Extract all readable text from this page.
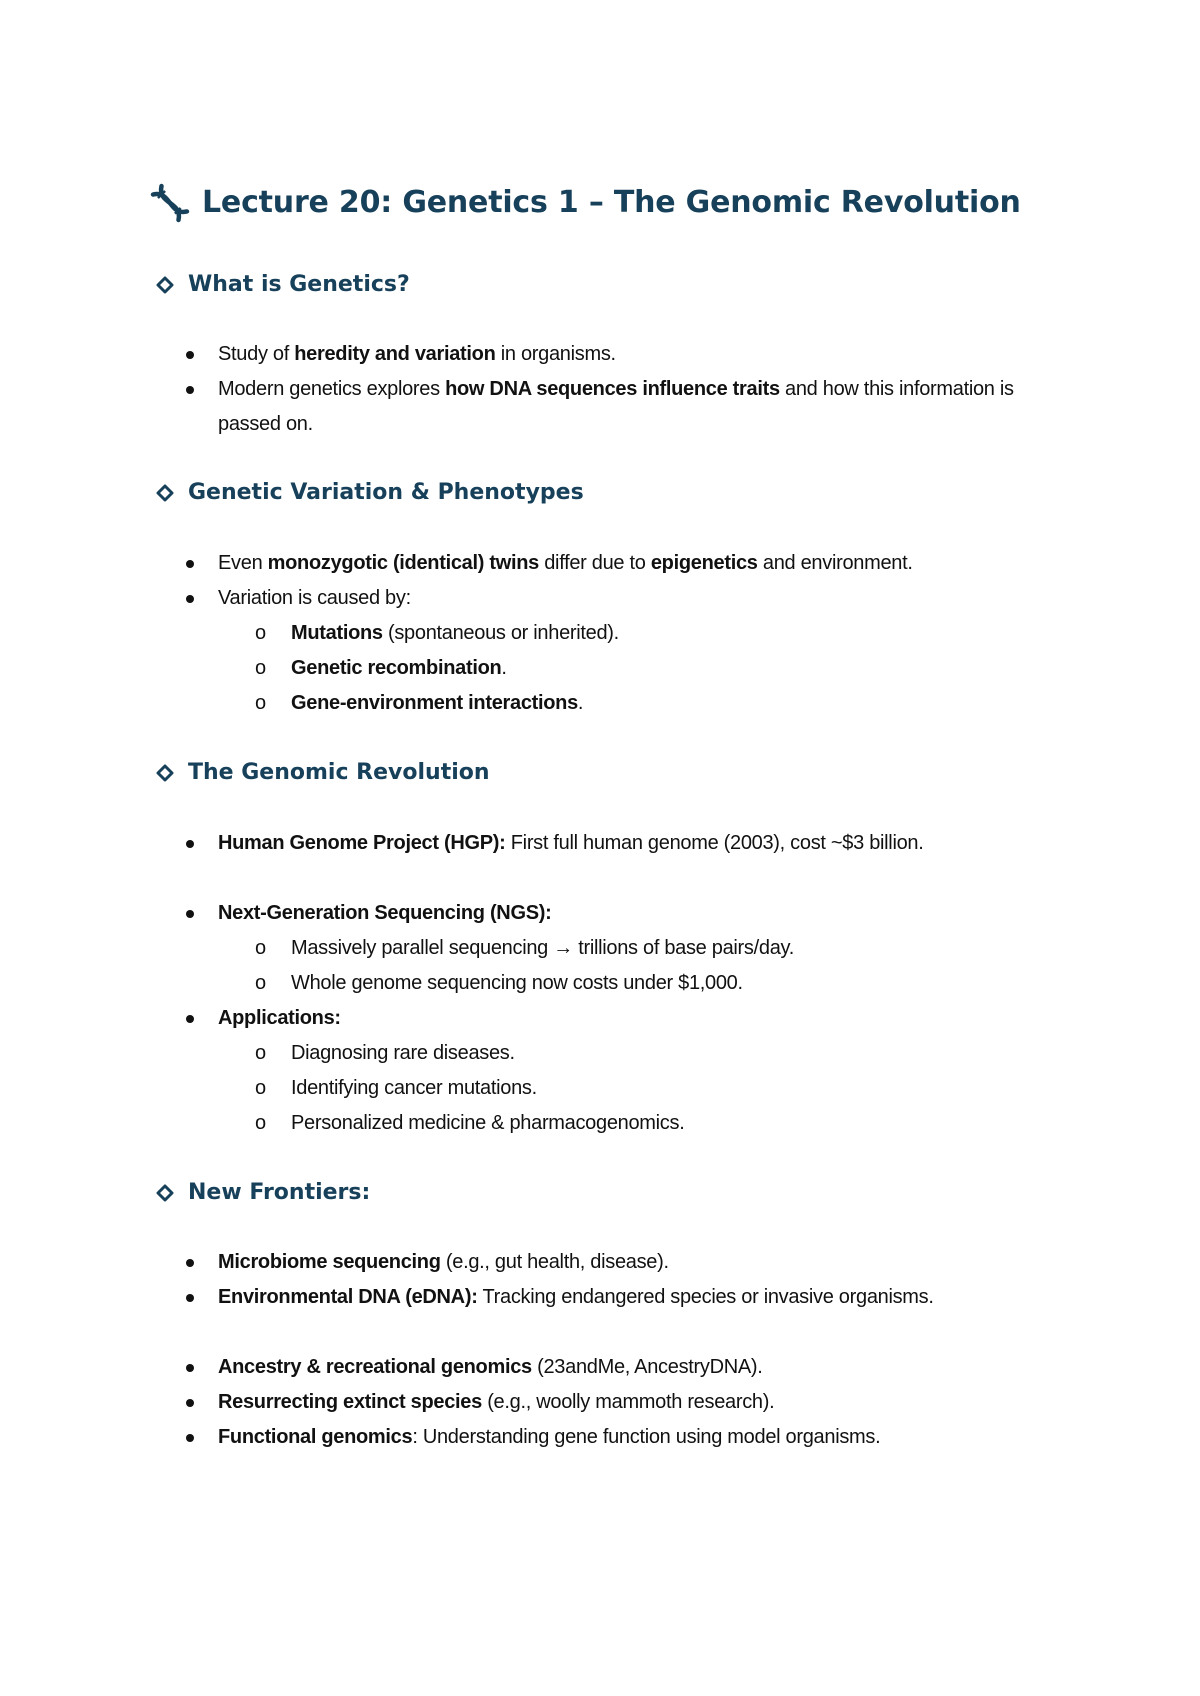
Lecture 20: Genetics 1 – The Genomic Revolution
What is Genetics?
Study of heredity and variation in organisms.
Modern genetics explores how DNA sequences influence traits and how this information is passed on.
Genetic Variation & Phenotypes
Even monozygotic (identical) twins differ due to epigenetics and environment.
Variation is caused by:
o Mutations (spontaneous or inherited).
o Genetic recombination.
o Gene-environment interactions.
The Genomic Revolution
Human Genome Project (HGP): First full human genome (2003), cost ~$3 billion.
Next-Generation Sequencing (NGS):
o Massively parallel sequencing → trillions of base pairs/day.
o Whole genome sequencing now costs under $1,000.
Applications:
o Diagnosing rare diseases.
o Identifying cancer mutations.
o Personalized medicine & pharmacogenomics.
New Frontiers:
Microbiome sequencing (e.g., gut health, disease).
Environmental DNA (eDNA): Tracking endangered species or invasive organisms.
Ancestry & recreational genomics (23andMe, AncestryDNA).
Resurrecting extinct species (e.g., woolly mammoth research).
Functional genomics: Understanding gene function using model organisms.
